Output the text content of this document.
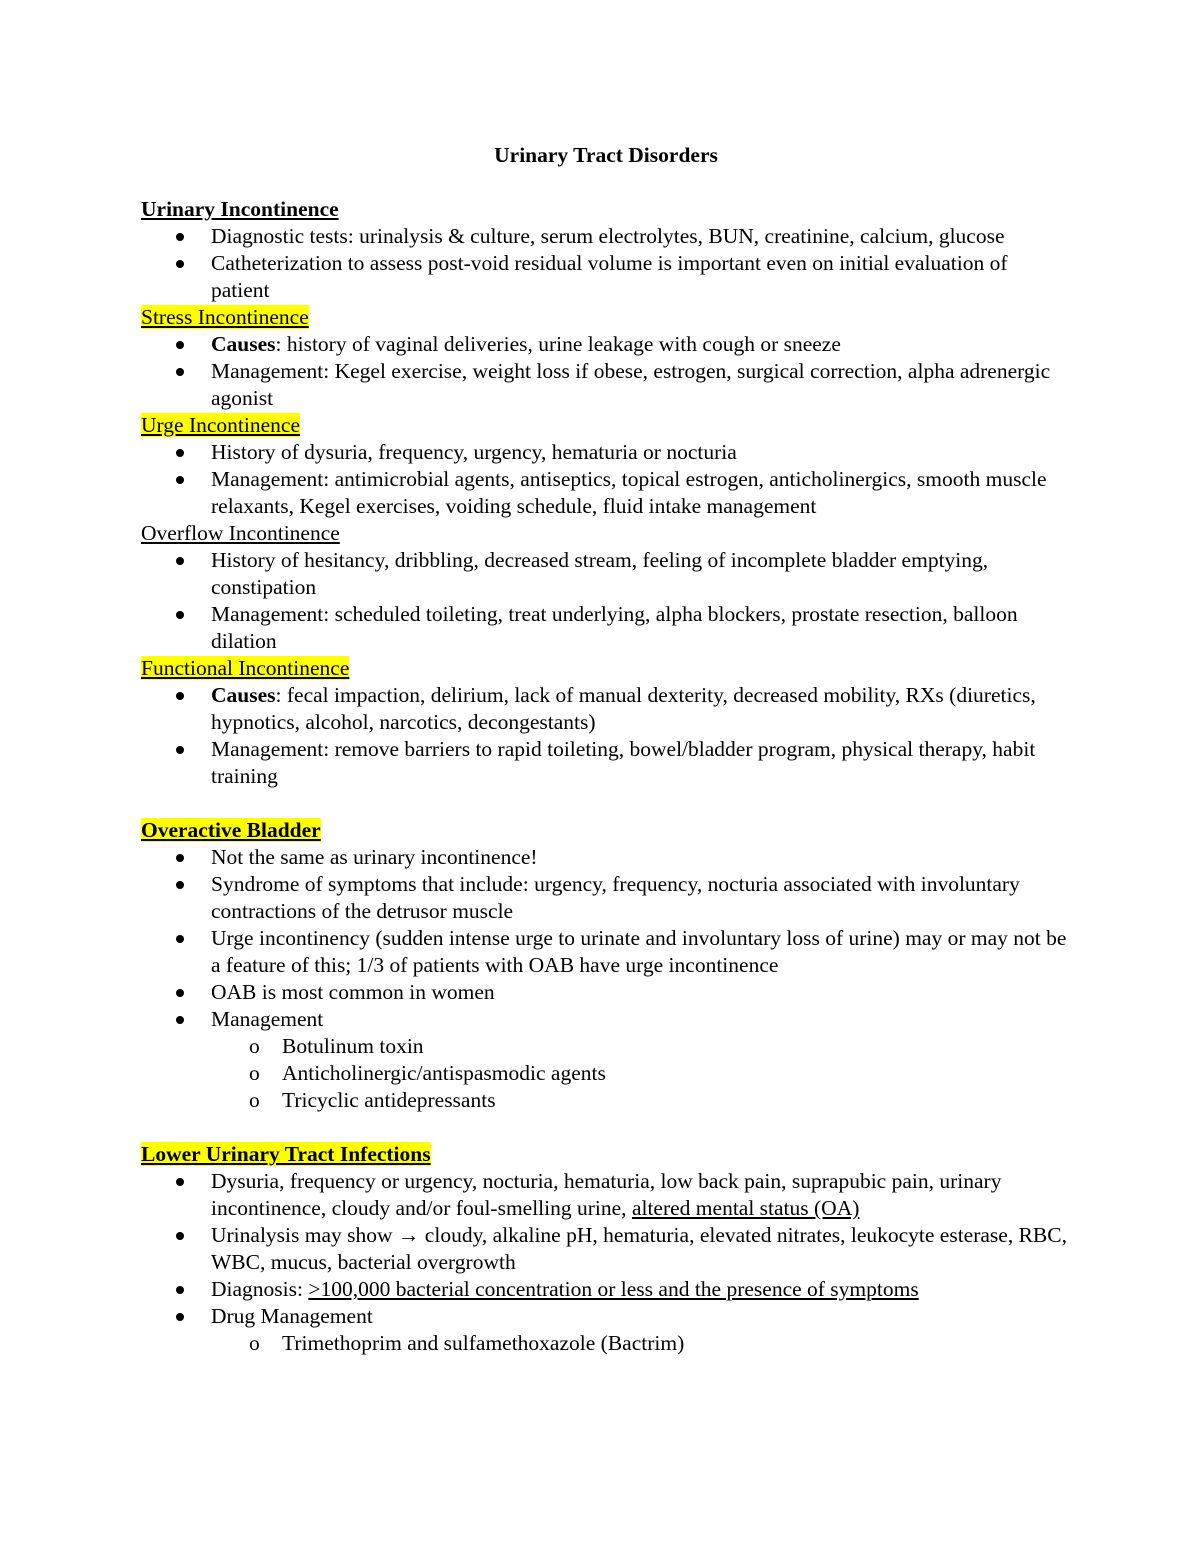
Urinary Tract Disorders
Urinary Incontinence
Diagnostic tests: urinalysis & culture, serum electrolytes, BUN, creatinine, calcium, glucose
Catheterization to assess post-void residual volume is important even on initial evaluation of patient
Stress Incontinence
Causes: history of vaginal deliveries, urine leakage with cough or sneeze
Management: Kegel exercise, weight loss if obese, estrogen, surgical correction, alpha adrenergic agonist
Urge Incontinence
History of dysuria, frequency, urgency, hematuria or nocturia
Management: antimicrobial agents, antiseptics, topical estrogen, anticholinergics, smooth muscle relaxants, Kegel exercises, voiding schedule, fluid intake management
Overflow Incontinence
History of hesitancy, dribbling, decreased stream, feeling of incomplete bladder emptying, constipation
Management: scheduled toileting, treat underlying, alpha blockers, prostate resection, balloon dilation
Functional Incontinence
Causes: fecal impaction, delirium, lack of manual dexterity, decreased mobility, RXs (diuretics, hypnotics, alcohol, narcotics, decongestants)
Management: remove barriers to rapid toileting, bowel/bladder program, physical therapy, habit training
Overactive Bladder
Not the same as urinary incontinence!
Syndrome of symptoms that include: urgency, frequency, nocturia associated with involuntary contractions of the detrusor muscle
Urge incontinency (sudden intense urge to urinate and involuntary loss of urine) may or may not be a feature of this; 1/3 of patients with OAB have urge incontinence
OAB is most common in women
Management
o Botulinum toxin
o Anticholinergic/antispasmodic agents
o Tricyclic antidepressants
Lower Urinary Tract Infections
Dysuria, frequency or urgency, nocturia, hematuria, low back pain, suprapubic pain, urinary incontinence, cloudy and/or foul-smelling urine, altered mental status (OA)
Urinalysis may show → cloudy, alkaline pH, hematuria, elevated nitrates, leukocyte esterase, RBC, WBC, mucus, bacterial overgrowth
Diagnosis: >100,000 bacterial concentration or less and the presence of symptoms
Drug Management
o Trimethoprim and sulfamethoxazole (Bactrim)
